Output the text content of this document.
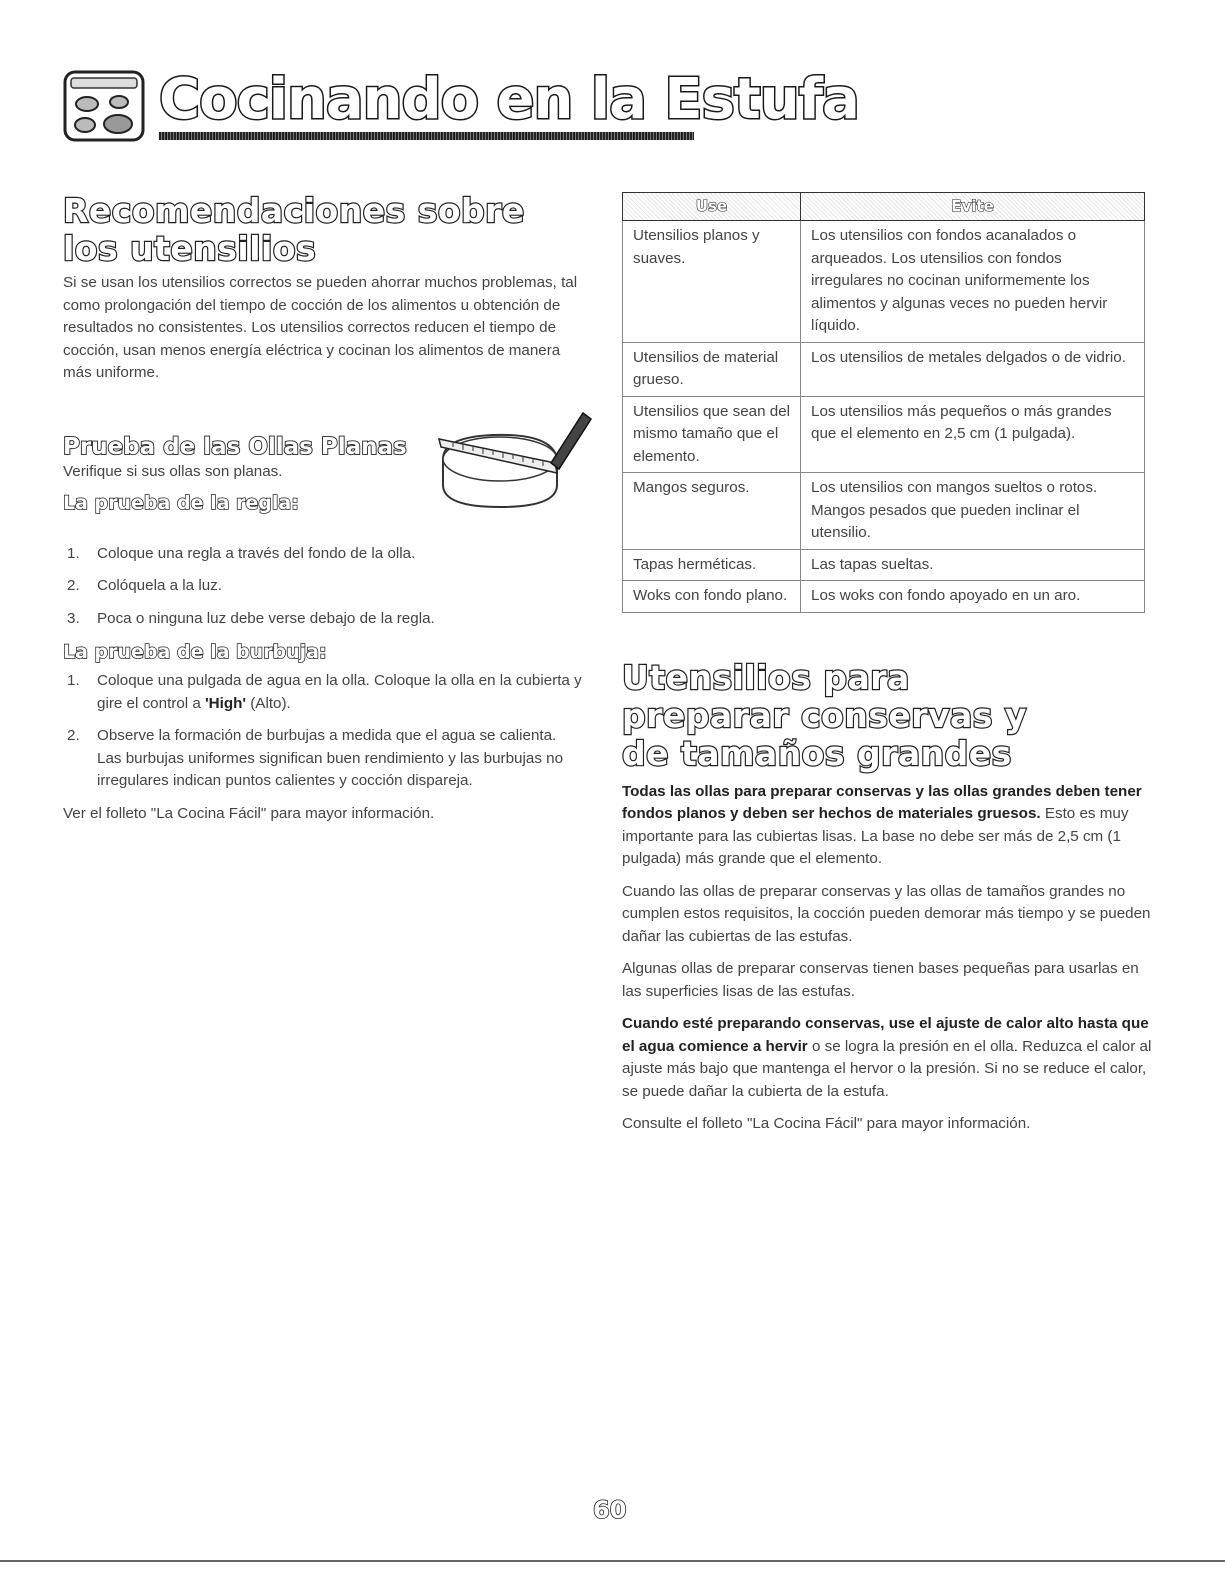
Cocinando en la Estufa
Recomendaciones sobre los utensilios

Si se usan los utensilios correctos se pueden ahorrar muchos problemas, tal como prolongación del tiempo de cocción de los alimentos u obtención de resultados no consistentes. Los utensilios correctos reducen el tiempo de cocción, usan menos energía eléctrica y cocinan los alimentos de manera más uniforme.

Prueba de las Ollas Planas

Verifique si sus ollas son planas.

La prueba de la regla:
1. Coloque una regla a través del fondo de la olla.
2. Colóquela a la luz.
3. Poca o ninguna luz debe verse debajo de la regla.
La prueba de la burbuja:
1. Coloque una pulgada de agua en la olla. Coloque la olla en la cubierta y gire el control a 'High' (Alto).
2. Observe la formación de burbujas a medida que el agua se calienta. Las burbujas uniformes significan buen rendimiento y las burbujas no irregulares indican puntos calientes y cocción dispareja.

Ver el folleto "La Cocina Fácil" para mayor información.

Use	Evite
Utensilios planos y suaves.	Los utensilios con fondos acanalados o arqueados. Los utensilios con fondos irregulares no cocinan uniformemente los alimentos y algunas veces no pueden hervir líquido.
Utensilios de material grueso.	Los utensilios de metales delgados o de vidrio.
Utensilios que sean del mismo tamaño que el elemento.	Los utensilios más pequeños o más grandes que el elemento en 2,5 cm (1 pulgada).
Mangos seguros.	Los utensilios con mangos sueltos o rotos. Mangos pesados que pueden inclinar el utensilio.
Tapas herméticas.	Las tapas sueltas.
Woks con fondo plano.	Los woks con fondo apoyado en un aro.
Utensilios para preparar conservas y de tamaños grandes

Todas las ollas para preparar conservas y las ollas grandes deben tener fondos planos y deben ser hechos de materiales gruesos. Esto es muy importante para las cubiertas lisas. La base no debe ser más de 2,5 cm (1 pulgada) más grande que el elemento.

Cuando las ollas de preparar conservas y las ollas de tamaños grandes no cumplen estos requisitos, la cocción pueden demorar más tiempo y se pueden dañar las cubiertas de las estufas.

Algunas ollas de preparar conservas tienen bases pequeñas para usarlas en las superficies lisas de las estufas.

Cuando esté preparando conservas, use el ajuste de calor alto hasta que el agua comience a hervir o se logra la presión en el olla. Reduzca el calor al ajuste más bajo que mantenga el hervor o la presión. Si no se reduce el calor, se puede dañar la cubierta de la estufa.

Consulte el folleto "La Cocina Fácil" para mayor información.

60
